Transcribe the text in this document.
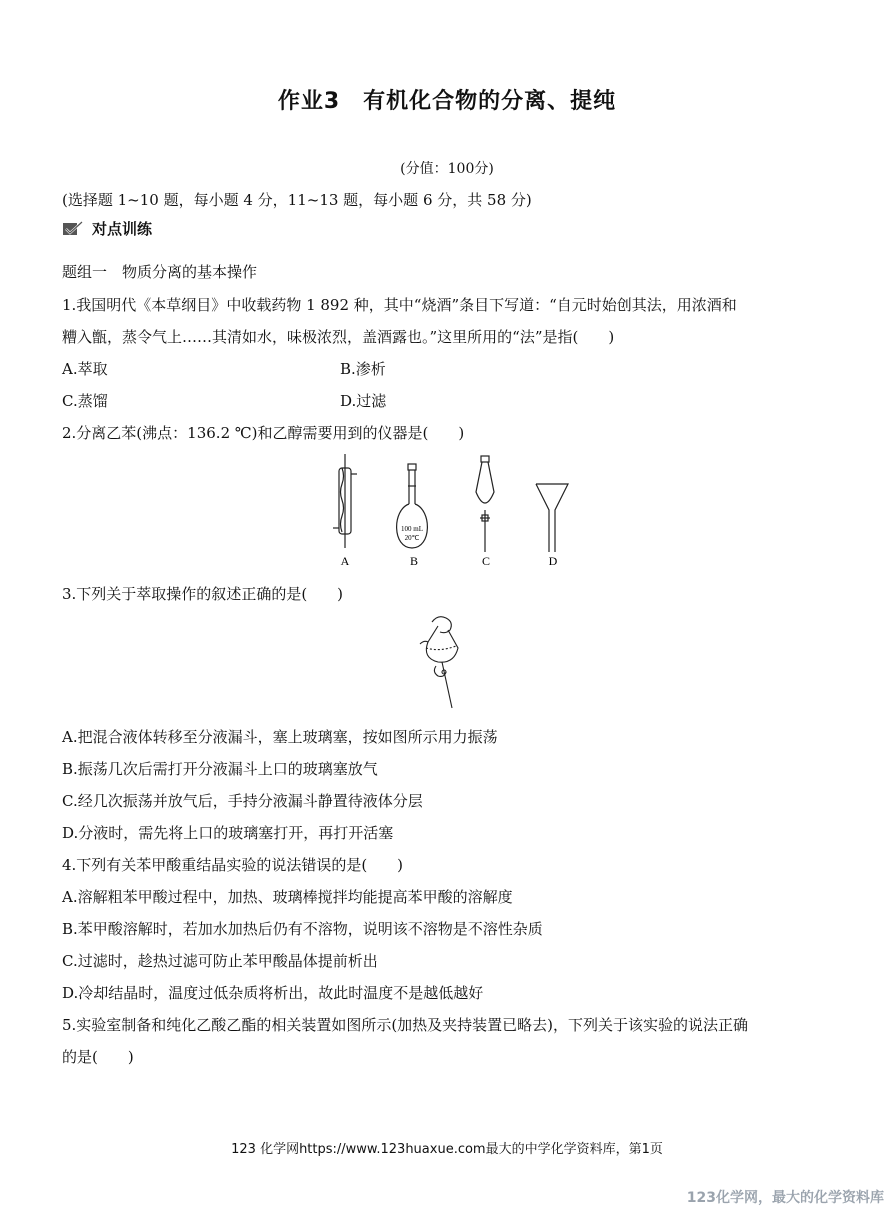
作业3　有机化合物的分离、提纯
(分值：100分)
(选择题 1~10 题，每小题 4 分，11~13 题，每小题 6 分，共 58 分)
对点训练
题组一　物质分离的基本操作
1.我国明代《本草纲目》中收载药物 1 892 种，其中“烧酒”条目下写道：“自元时始创其法，用浓酒和
糟入甑，蒸令气上……其清如水，味极浓烈，盖酒露也。”这里所用的“法”是指(　　)
A.萃取	B.渗析
C.蒸馏	D.过滤
2.分离乙苯(沸点：136.2 ℃)和乙醇需要用到的仪器是(　　)
100 mL
20℃
A	B	C	D
3.下列关于萃取操作的叙述正确的是(　　)
A.把混合液体转移至分液漏斗，塞上玻璃塞，按如图所示用力振荡
B.振荡几次后需打开分液漏斗上口的玻璃塞放气
C.经几次振荡并放气后，手持分液漏斗静置待液体分层
D.分液时，需先将上口的玻璃塞打开，再打开活塞
4.下列有关苯甲酸重结晶实验的说法错误的是(　　)
A.溶解粗苯甲酸过程中，加热、玻璃棒搅拌均能提高苯甲酸的溶解度
B.苯甲酸溶解时，若加水加热后仍有不溶物，说明该不溶物是不溶性杂质
C.过滤时，趁热过滤可防止苯甲酸晶体提前析出
D.冷却结晶时，温度过低杂质将析出，故此时温度不是越低越好
5.实验室制备和纯化乙酸乙酯的相关装置如图所示(加热及夹持装置已略去)，下列关于该实验的说法正确
的是(　　)
123 化学网https://www.123huaxue.com最大的中学化学资料库，第1页
123化学网，最大的化学资料库
